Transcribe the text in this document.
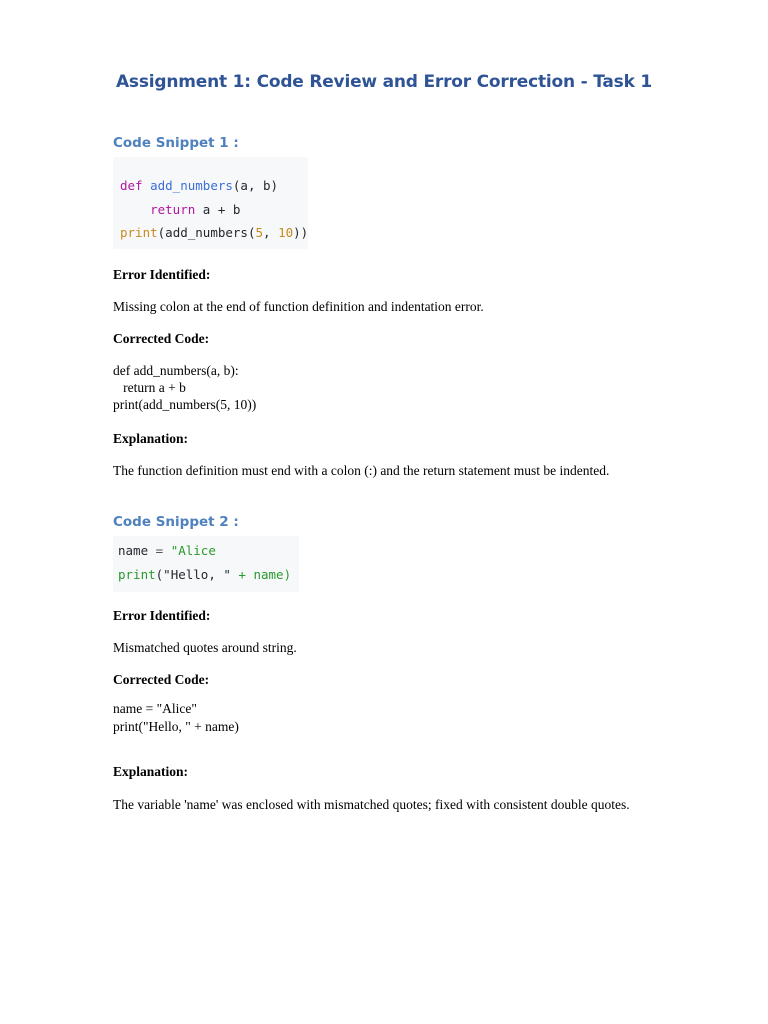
Assignment 1: Code Review and Error Correction - Task 1
Code Snippet 1 :
def add_numbers(a, b)
return a + b
print(add_numbers(5, 10))
Error Identified:
Missing colon at the end of function definition and indentation error.
Corrected Code:
def add_numbers(a, b):
return a + b
print(add_numbers(5, 10))
Explanation:
The function definition must end with a colon (:) and the return statement must be indented.
Code Snippet 2 :
name = "Alice
print("Hello, " + name)
Error Identified:
Mismatched quotes around string.
Corrected Code:
name = "Alice"
print("Hello, " + name)
Explanation:
The variable 'name' was enclosed with mismatched quotes; fixed with consistent double quotes.
